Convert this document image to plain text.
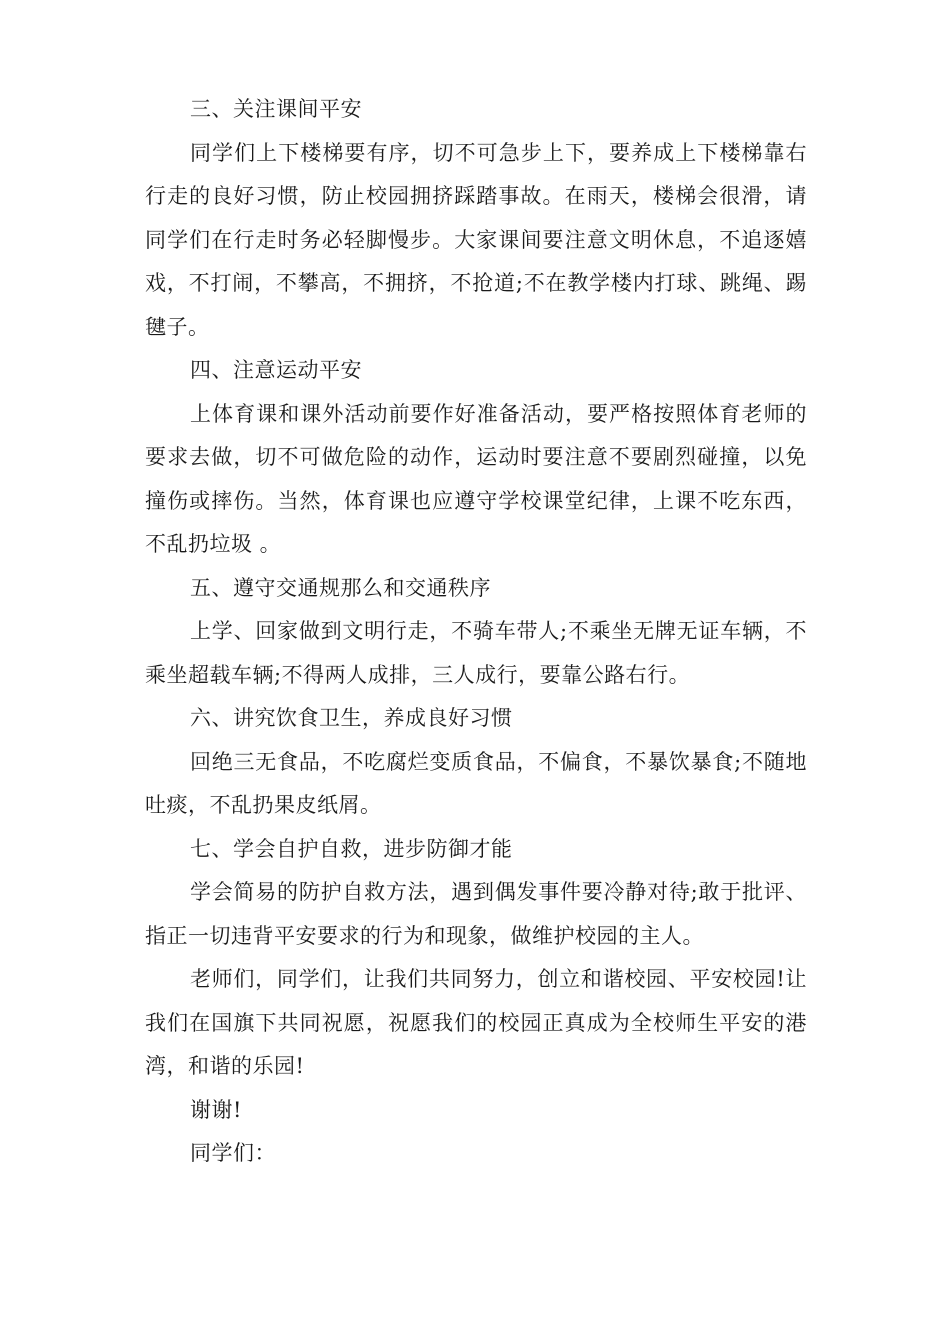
三、关注课间平安

同学们上下楼梯要有序，切不可急步上下，要养成上下楼梯靠右行走的良好习惯，防止校园拥挤踩踏事故。在雨天，楼梯会很滑，请同学们在行走时务必轻脚慢步。大家课间要注意文明休息，不追逐嬉戏，不打闹，不攀高，不拥挤，不抢道;不在教学楼内打球、跳绳、踢毽子。

四、注意运动平安

上体育课和课外活动前要作好准备活动，要严格按照体育老师的要求去做，切不可做危险的动作，运动时要注意不要剧烈碰撞，以免撞伤或摔伤。当然，体育课也应遵守学校课堂纪律，上课不吃东西，不乱扔垃圾 。

五、遵守交通规那么和交通秩序

上学、回家做到文明行走，不骑车带人;不乘坐无牌无证车辆，不乘坐超载车辆;不得两人成排，三人成行，要靠公路右行。

六、讲究饮食卫生，养成良好习惯

回绝三无食品，不吃腐烂变质食品，不偏食，不暴饮暴食;不随地吐痰，不乱扔果皮纸屑。

七、学会自护自救，进步防御才能

学会简易的防护自救方法，遇到偶发事件要冷静对待;敢于批评、指正一切违背平安要求的行为和现象，做维护校园的主人。

老师们，同学们，让我们共同努力，创立和谐校园、平安校园!让我们在国旗下共同祝愿，祝愿我们的校园正真成为全校师生平安的港湾，和谐的乐园!

谢谢!

同学们：
